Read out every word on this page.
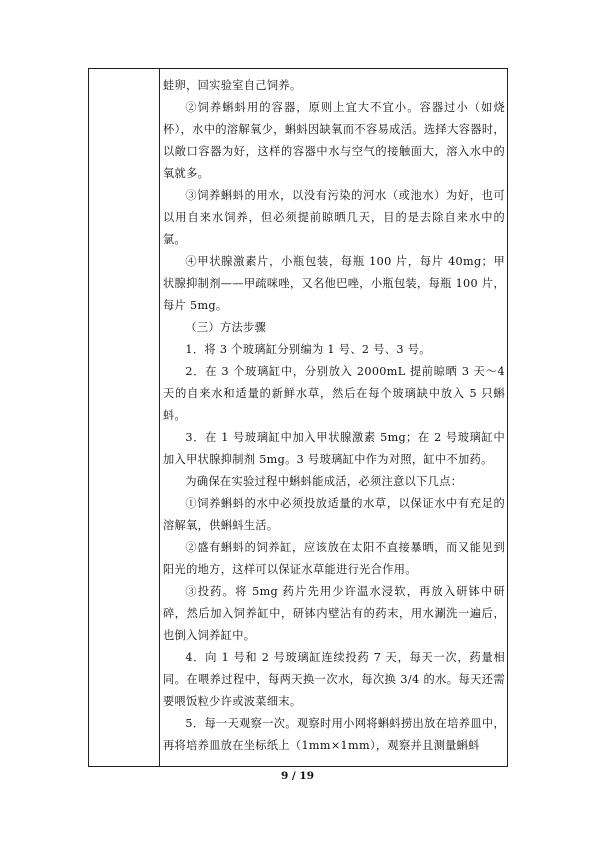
蛙卵，回实验室自己饲养。

②饲养蝌蚪用的容器，原则上宜大不宜小。容器过小（如烧杯），水中的溶解氧少，蝌蚪因缺氧而不容易成活。选择大容器时，以敞口容器为好，这样的容器中水与空气的接触面大，溶入水中的氧就多。

③饲养蝌蚪的用水，以没有污染的河水（或池水）为好，也可以用自来水饲养，但必须提前晾晒几天，目的是去除自来水中的氯。

④甲状腺激素片，小瓶包装，每瓶 100 片，每片 40mg；甲状腺抑制剂——甲疏咪唑，又名他巴唑，小瓶包装，每瓶 100 片，每片 5mg。

（三）方法步骤

1．将 3 个玻璃缸分别编为 1 号、2 号、3 号。

2．在 3 个玻璃缸中，分别放入 2000mL 提前晾晒 3 天～4 天的自来水和适量的新鲜水草，然后在每个玻璃缺中放入 5 只蝌蚪。

3．在 1 号玻璃缸中加入甲状腺激素 5mg；在 2 号玻璃缸中加入甲状腺抑制剂 5mg。3 号玻璃缸中作为对照，缸中不加药。

为确保在实验过程中蝌蚪能成活，必须注意以下几点：

①饲养蝌蚪的水中必须投放适量的水草，以保证水中有充足的溶解氧，供蝌蚪生活。

②盛有蝌蚪的饲养缸，应该放在太阳不直接暴晒，而又能见到阳光的地方，这样可以保证水草能进行光合作用。

③投药。将 5mg 药片先用少许温水浸软，再放入研钵中研碎，然后加入饲养缸中，研钵内壁沾有的药末，用水涮洗一遍后，也倒入饲养缸中。

4．向 1 号和 2 号玻璃缸连续投药 7 天，每天一次，药量相同。在喂养过程中，每两天换一次水，每次换 3/4 的水。每天还需要喂饭粒少许或波菜细末。

5．每一天观察一次。观察时用小网将蝌蚪捞出放在培养皿中，再将培养皿放在坐标纸上（1mm×1mm），观察并且测量蝌蚪

9 / 19
